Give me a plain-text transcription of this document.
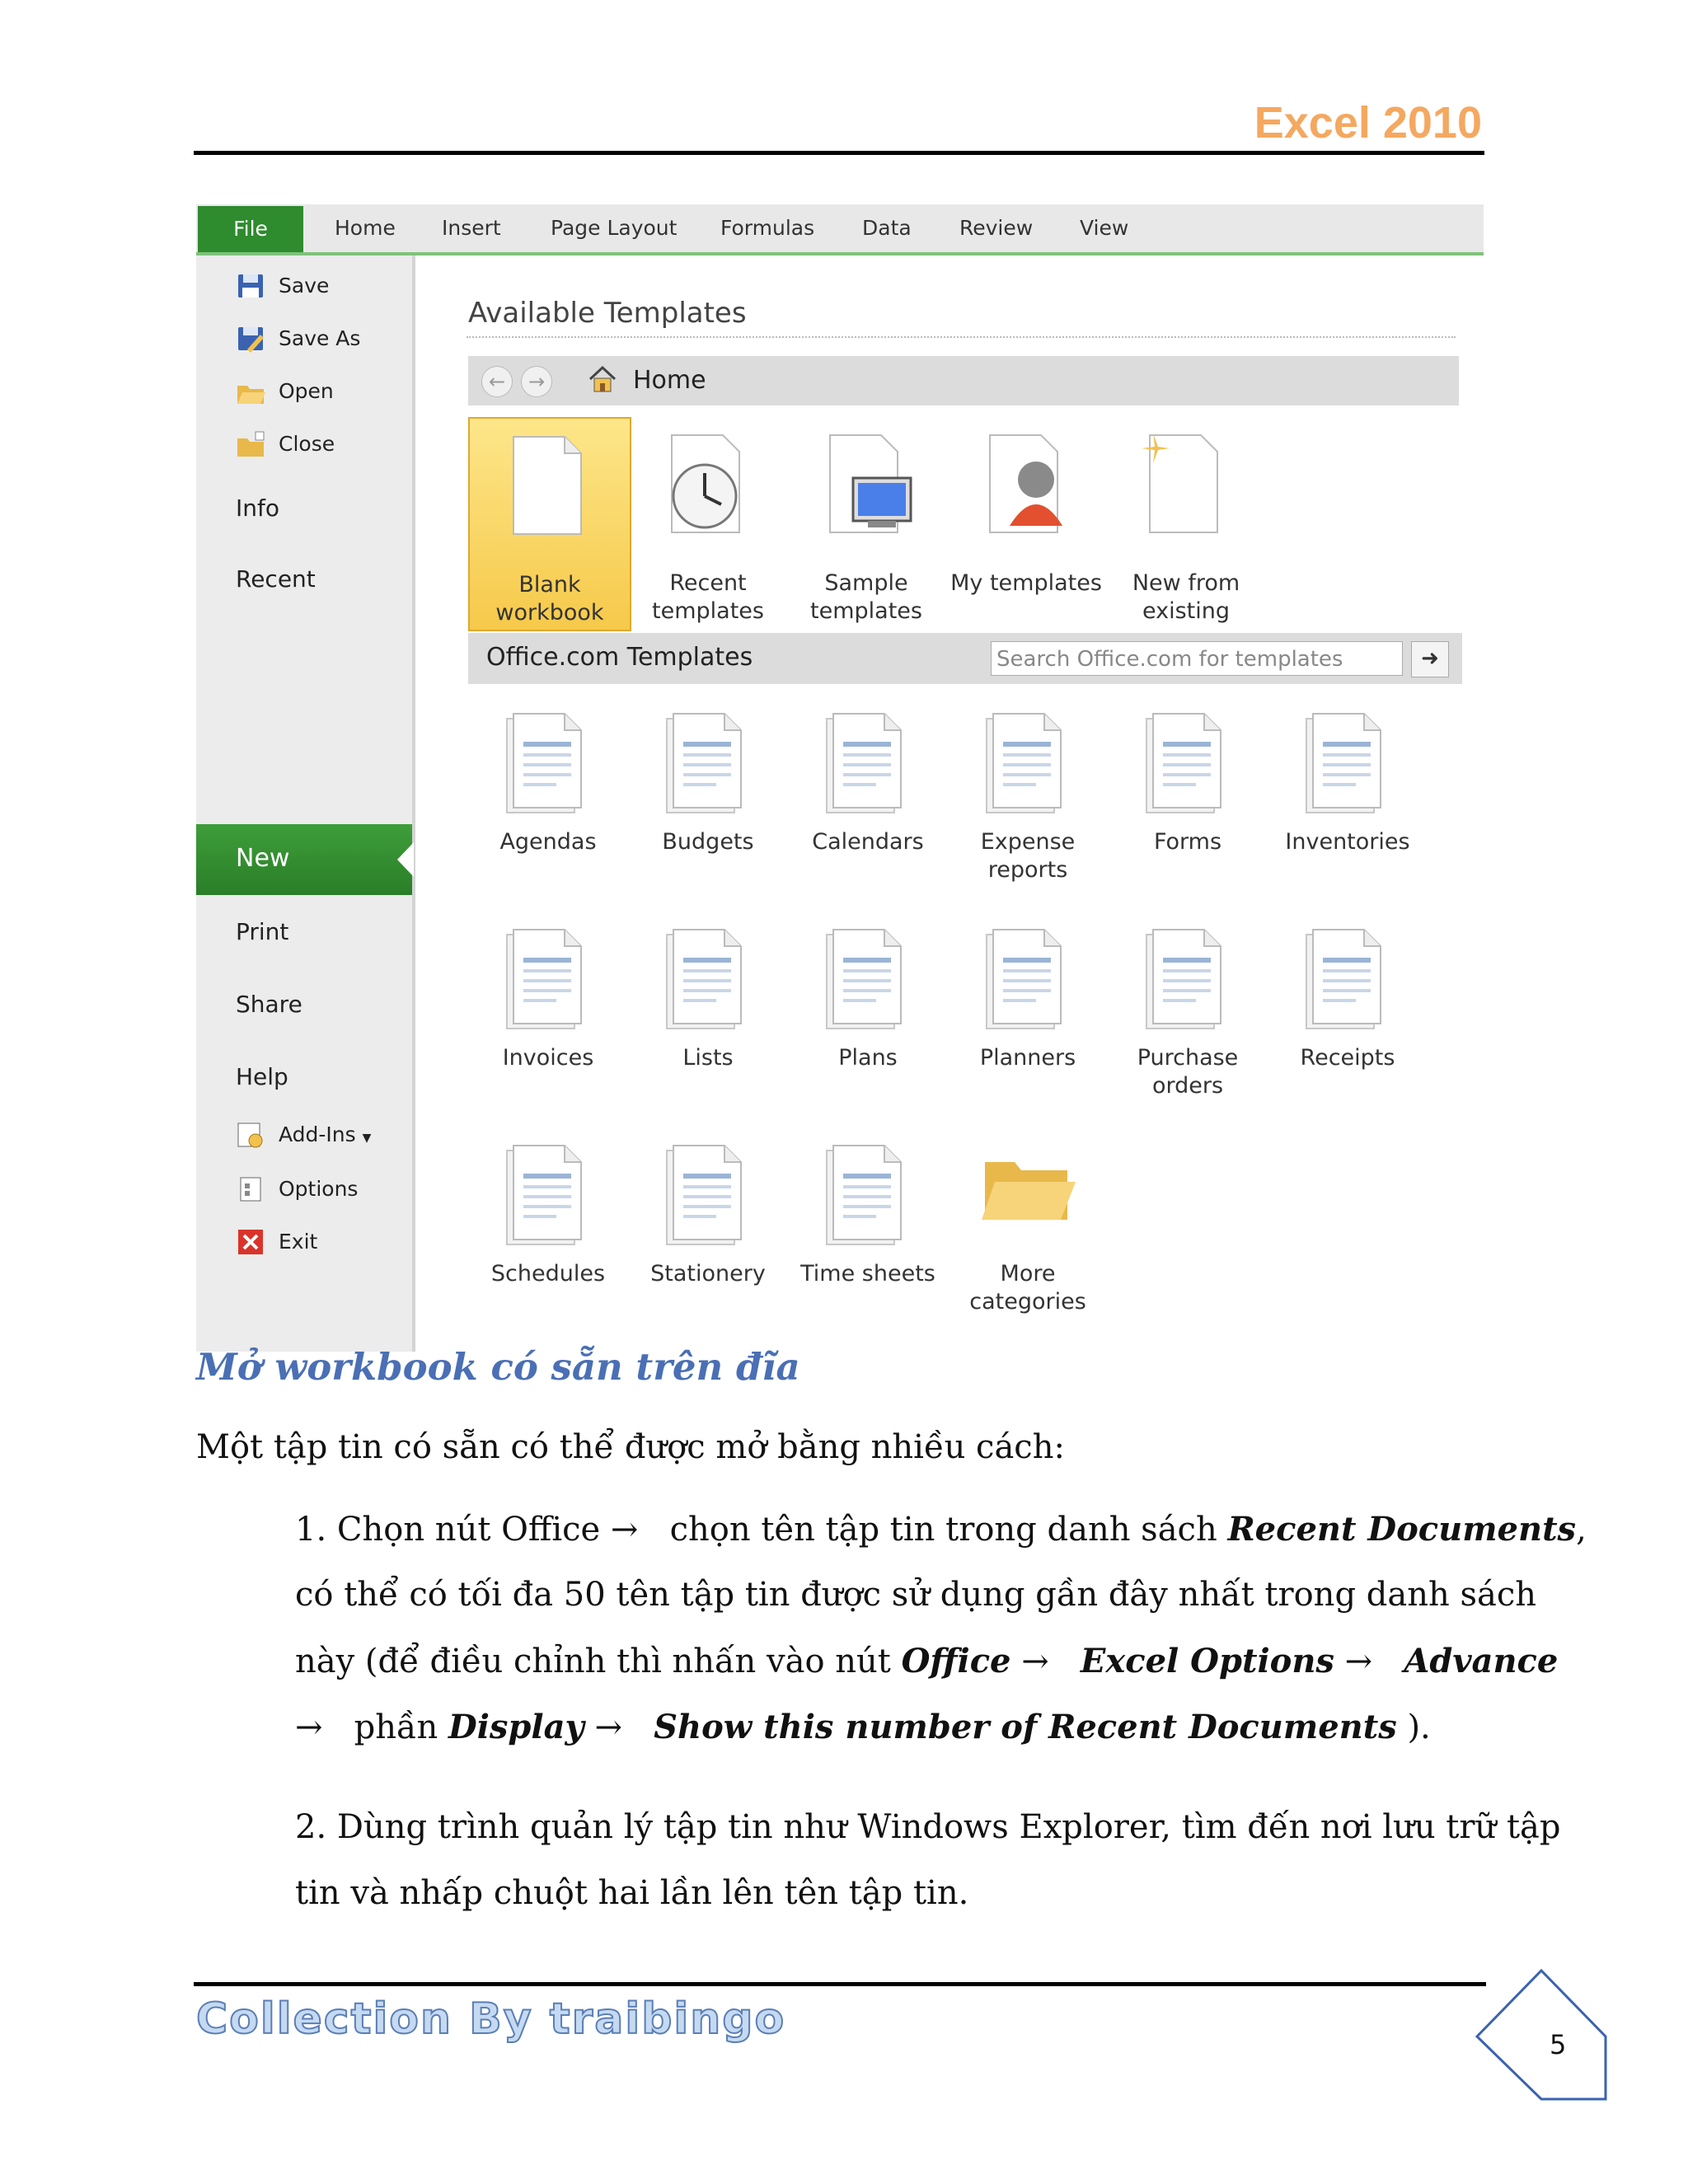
Excel 2010
File	Home Insert Page Layout Formulas Data Review View
Save
Save As
Open
Close
Info
Recent
New
Print
Share
Help
Add-Ins ▼
Options
Exit
Available Templates
←	→	Home
Blank
workbook
Recent
templates
Sample
templates
My templates	New from
existing
Office.com Templates	Search Office.com for templates	➜
Agendas	Budgets	Calendars	Expense
reports
Forms	Inventories
Invoices	Lists	Plans	Planners	Purchase
orders
Receipts
Schedules	Stationery	Time sheets	More
categories
Mở workbook có sẵn trên đĩa
Một tập tin có sẵn có thể được mở bằng nhiều cách:
1. Chọn nút Office → chọn tên tập tin trong danh sách Recent Documents,
có thể có tối đa 50 tên tập tin được sử dụng gần đây nhất trong danh sách
này (để điều chỉnh thì nhấn vào nút Office → Excel Options → Advance
→ phần Display → Show this number of Recent Documents ).
2. Dùng trình quản lý tập tin như Windows Explorer, tìm đến nơi lưu trữ tập
tin và nhấp chuột hai lần lên tên tập tin.
Collection By traibingo
5
